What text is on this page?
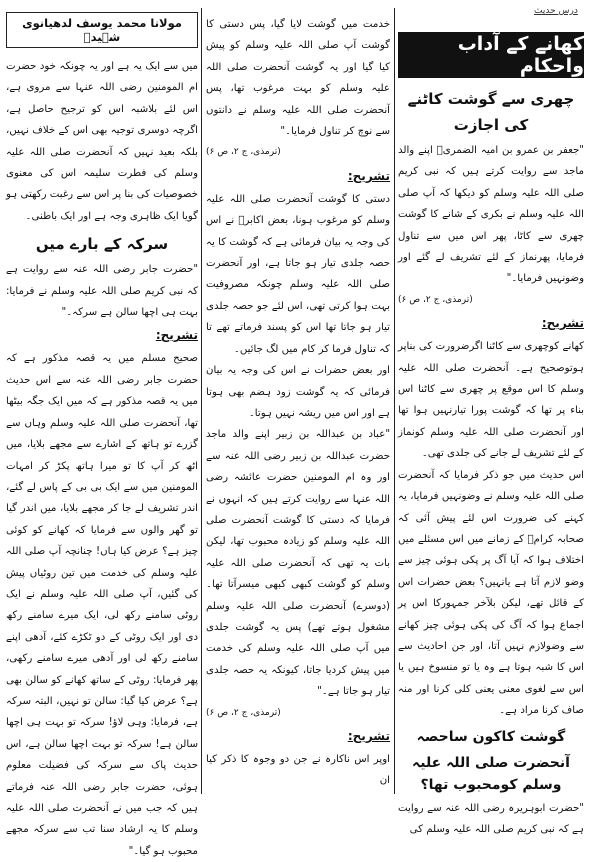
درس حدیث
کھانے کے آداب واحکام
چھری سے گوشت کاٹنے کی اجازت

"جعفر بن عمرو بن امیہ الضمریؒ اپنے والد ماجد سے روایت کرتے ہیں کہ نبی کریم صلی اللہ علیہ وسلم کو دیکھا کہ آپ صلی اللہ علیہ وسلم نے بکری کے شانے کا گوشت چھری سے کاٹا، پھر اس میں سے تناول فرمایا، پھرنماز کے لئے تشریف لے گئے اور وضونہیں فرمایا۔"

(ترمذی، ج ۲، ص ۶)

تشریح:

کھانے کوچھری سے کاٹنا اگرضرورت کی بناپر ہوتوصحیح ہے۔ آنحضرت صلی اللہ علیہ وسلم کا اس موقع پر چھری سے کاٹنا اس بناء پر تھا کہ گوشت پورا تیارنہیں ہوا تھا اور آنحضرت صلی اللہ علیہ وسلم کونماز کے لئے تشریف لے جانے کی جلدی تھی۔

اس حدیث میں جو ذکر فرمایا کہ آنحضرت صلی اللہ علیہ وسلم نے وضونہیں فرمایا، یہ کہنے کی ضرورت اس لئے پیش آئی کہ صحابہ کرامؓ کے زمانے میں اس مسئلے میں اختلاف ہوا کہ آیا آگ پر پکی ہوئی چیز سے وضو لازم آتا ہے یانہیں؟ بعض حضرات اس کے قائل تھے، لیکن بلآخر جمہورکا اس پر اجماع ہوا کہ آگ کی پکی ہوئی چیز کھانے سے وضولازم نہیں آتا، اور جن احادیث سے اس کا شبہ ہوتا ہے وہ یا تو منسوخ ہیں یا اس سے لغوی معنی یعنی کلی کرنا اور منہ صاف کرنا مراد ہے۔

گوشت کاکون ساحصہ
آنحضرت صلی اللہ علیہ وسلم کومحبوب تھا؟

"حضرت ابوہریرہ رضی اللہ عنہ سے روایت ہے کہ نبی کریم صلی اللہ علیہ وسلم کی

خدمت میں گوشت لایا گیا، پس دستی کا گوشت آپ صلی اللہ علیہ وسلم کو پیش کیا گیا اور یہ گوشت آنحضرت صلی اللہ علیہ وسلم کو بہت مرغوب تھا، پس آنحضرت صلی اللہ علیہ وسلم نے دانتوں سے نوچ کر تناول فرمایا۔"

(ترمذی، ج ۲، ص ۶)

تشریح:

دستی کا گوشت آنحضرت صلی اللہ علیہ وسلم کو مرغوب ہونا، بعض اکابرؒ نے اس کی وجہ یہ بیان فرمائی ہے کہ گوشت کا یہ حصہ جلدی تیار ہو جاتا ہے، اور آنحضرت صلی اللہ علیہ وسلم چونکہ مصروفیت بہت ہوا کرتی تھی، اس لئے جو حصہ جلدی تیار ہو جاتا تھا اس کو پسند فرماتے تھے تا کہ تناول فرما کر کام میں لگ جائیں۔

اور بعض حضرات نے اس کی وجہ یہ بیان فرمائی کہ یہ گوشت زود ہضم بھی ہوتا ہے اور اس میں ریشہ نہیں ہوتا۔

"عباد بن عبداللہ بن زبیر اپنے والد ماجد حضرت عبداللہ بن زبیر رضی اللہ عنہ سے اور وہ ام المومنین حضرت عائشہ رضی اللہ عنہا سے روایت کرتے ہیں کہ انہوں نے فرمایا کہ دستی کا گوشت آنحضرت صلی اللہ علیہ وسلم کو زیادہ محبوب تھا، لیکن بات یہ تھی کہ آنحضرت صلی اللہ علیہ وسلم کو گوشت کبھی کبھی میسرآتا تھا۔ (دوسرے) آنحضرت صلی اللہ علیہ وسلم مشغول ہوتے تھے) پس یہ گوشت جلدی میں آپ صلی اللہ علیہ وسلم کی خدمت میں پیش کردیا جاتا، کیونکہ یہ حصہ جلدی تیار ہو جاتا ہے۔"

(ترمذی، ج ۲، ص ۶)

تشریح:

اوپر اس ناکارہ نے جن دو وجوہ کا ذکر کیا ان

مولانا محمد یوسف لدھیانوی شہیدؒ

میں سے ایک یہ ہے اور یہ چونکہ خود حضرت ام المومنین رضی اللہ عنہا سے مروی ہے، اس لئے بلاشبہ اس کو ترجیح حاصل ہے، اگرچہ دوسری توجیہ بھی اس کے خلاف نہیں، بلکہ بعید نہیں کہ آنحضرت صلی اللہ علیہ وسلم کی فطرت سلیمہ اس کی معنوی خصوصیات کی بنا پر اس سے رغبت رکھتی ہو گویا ایک ظاہری وجہ ہے اور ایک باطنی۔

سرکہ کے بارے میں

"حضرت جابر رضی اللہ عنہ سے روایت ہے کہ نبی کریم صلی اللہ علیہ وسلم نے فرمایا: بہت ہی اچھا سالن ہے سرکہ۔"

تشریح:

صحیح مسلم میں یہ قصہ مذکور ہے کہ حضرت جابر رضی اللہ عنہ سے اس حدیث میں یہ قصہ مذکور ہے کہ میں ایک جگہ بیٹھا تھا، آنحضرت صلی اللہ علیہ وسلم وہاں سے گزرے تو ہاتھ کے اشارے سے مجھے بلایا، میں اٹھ کر آپ کا تو میرا ہاتھ پکڑ کر امہات المومنین میں سے ایک بی بی کے پاس لے گئے، اندر تشریف لے جا کر مجھے بلایا، میں اندر گیا تو گھر والوں سے فرمایا کہ کھانے کو کوئی چیز ہے؟ عرض کیا ہاں! چنانچہ آپ صلی اللہ علیہ وسلم کی خدمت میں تین روٹیاں پیش کی گئیں، آپ صلی اللہ علیہ وسلم نے ایک روٹی سامنے رکھ لی، ایک میرے سامنے رکھ دی اور ایک روٹی کے دو ٹکڑے کئے، آدھی اپنے سامنے رکھ لی اور آدھی میرے سامنے رکھی، پھر فرمایا: روٹی کے ساتھ کھانے کو سالن بھی ہے؟ عرض کیا گیا: سالن تو نہیں، البتہ سرکہ ہے، فرمایا: وہی لاؤ! سرکہ تو بہت ہی اچھا سالن ہے! سرکہ تو بہت اچھا سالن ہے، اس حدیث پاک سے سرکہ کی فضیلت معلوم ہوئی، حضرت جابر رضی اللہ عنہ فرماتے ہیں کہ جب میں نے آنحضرت صلی اللہ علیہ وسلم کا یہ ارشاد سنا تب سے سرکہ مجھے محبوب ہو گیا۔"
